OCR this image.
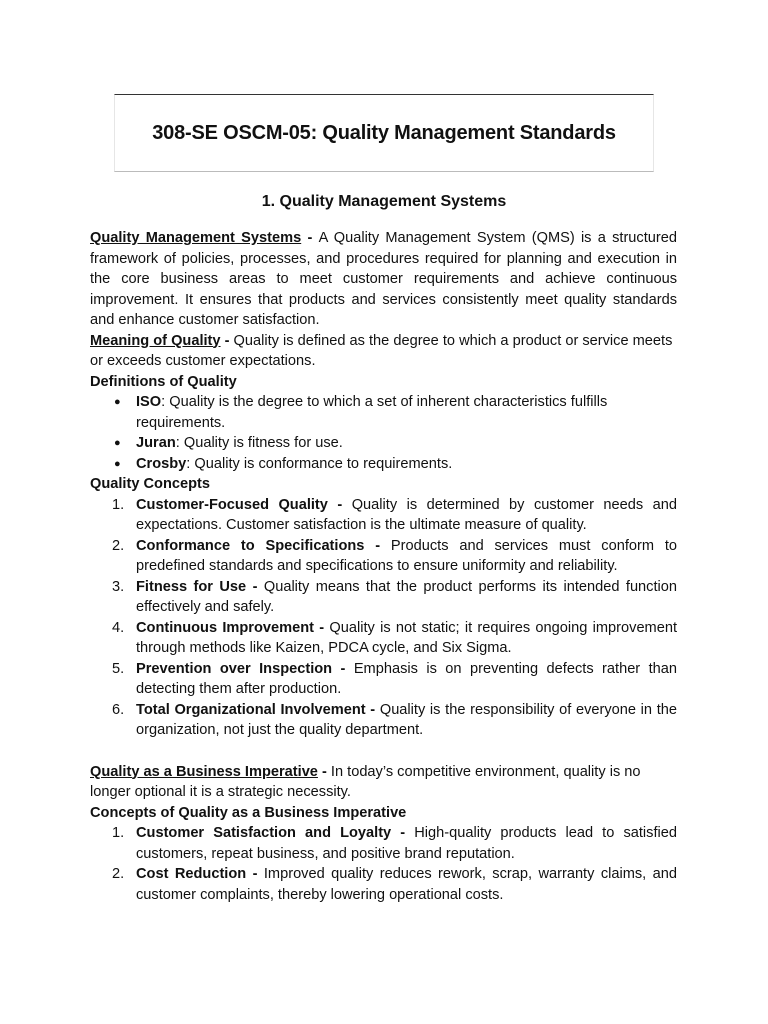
308-SE OSCM-05: Quality Management Standards
1. Quality Management Systems

Quality Management Systems - A Quality Management System (QMS) is a structured framework of policies, processes, and procedures required for planning and execution in the core business areas to meet customer requirements and achieve continuous improvement. It ensures that products and services consistently meet quality standards and enhance customer satisfaction.

Meaning of Quality - Quality is defined as the degree to which a product or service meets or exceeds customer expectations.

Definitions of Quality

● ISO: Quality is the degree to which a set of inherent characteristics fulfills requirements.
● Juran: Quality is fitness for use.
● Crosby: Quality is conformance to requirements.

Quality Concepts

1. Customer-Focused Quality - Quality is determined by customer needs and expectations. Customer satisfaction is the ultimate measure of quality.
2. Conformance to Specifications - Products and services must conform to predefined standards and specifications to ensure uniformity and reliability.
3. Fitness for Use - Quality means that the product performs its intended function effectively and safely.
4. Continuous Improvement - Quality is not static; it requires ongoing improvement through methods like Kaizen, PDCA cycle, and Six Sigma.
5. Prevention over Inspection - Emphasis is on preventing defects rather than detecting them after production.
6. Total Organizational Involvement - Quality is the responsibility of everyone in the organization, not just the quality department.

Quality as a Business Imperative - In today’s competitive environment, quality is no longer optional it is a strategic necessity.

Concepts of Quality as a Business Imperative

1. Customer Satisfaction and Loyalty - High-quality products lead to satisfied customers, repeat business, and positive brand reputation.
2. Cost Reduction - Improved quality reduces rework, scrap, warranty claims, and customer complaints, thereby lowering operational costs.
